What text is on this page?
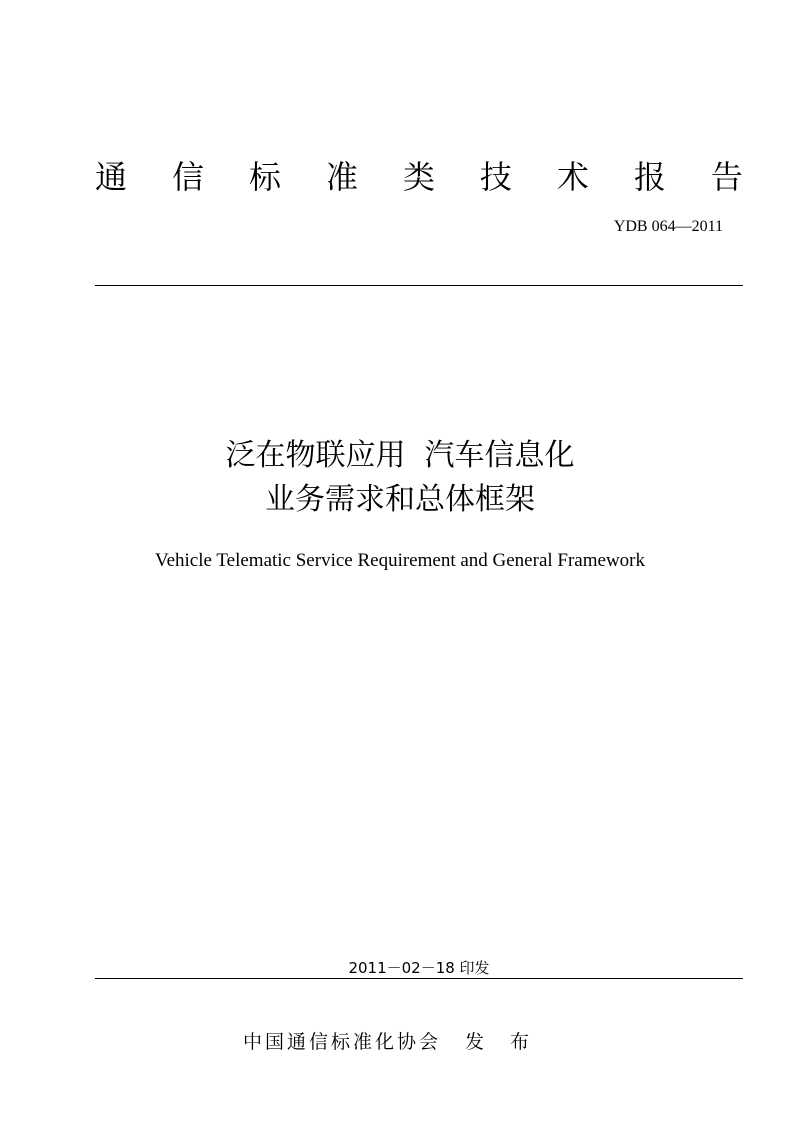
通 信 标 准 类 技 术 报 告
YDB 064—2011
泛在物联应用  汽车信息化
业务需求和总体框架
Vehicle Telematic Service Requirement and General Framework
2011－02－18 印发
中国通信标准化协会 发 布
